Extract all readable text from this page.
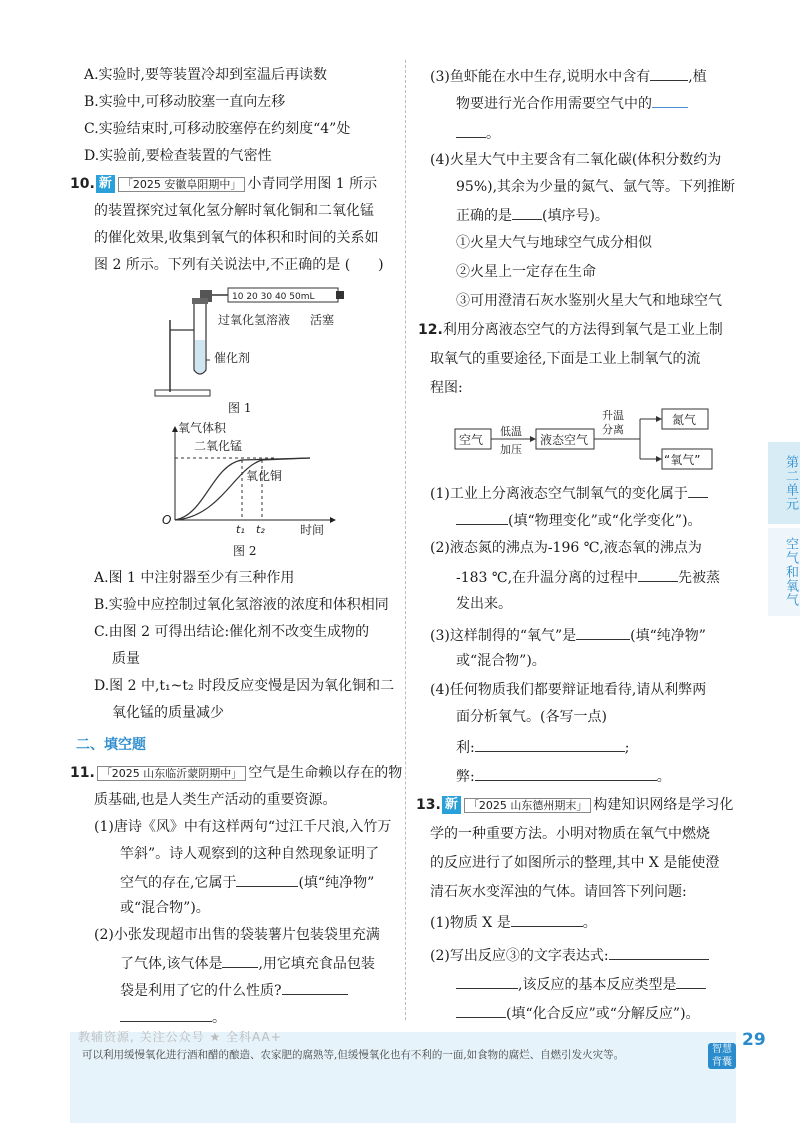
A.实验时,要等装置冷却到室温后再读数
B.实验中,可移动胶塞一直向左移
C.实验结束时,可移动胶塞停在约刻度“4”处
D.实验前,要检查装置的气密性
10. 新 「2025 安徽阜阳期中」 小青同学用图 1 所示
的装置探究过氧化氢分解时氧化铜和二氧化锰
的催化效果,收集到氧气的体积和时间的关系如
图 2 所示。下列有关说法中,不正确的是 (　　)
10 20 30 40 50mL
过氧化氢溶液 活塞
催化剂
图 1
氧气体积
二氧化锰
氧化铜
O
t₁ t₂	时间
图 2
A.图 1 中注射器至少有三种作用
B.实验中应控制过氧化氢溶液的浓度和体积相同
C.由图 2 可得出结论:催化剂不改变生成物的
质量
D.图 2 中,t₁~t₂ 时段反应变慢是因为氧化铜和二
氧化锰的质量减少
二、填空题
11. 「2025 山东临沂蒙阴期中」 空气是生命赖以存在的物
质基础,也是人类生产活动的重要资源。
(1)唐诗《风》中有这样两句“过江千尺浪,入竹万
竿斜”。诗人观察到的这种自然现象证明了
空气的存在,它属于	(填“纯净物”
或“混合物”)。
(2)小张发现超市出售的袋装薯片包装袋里充满
了气体,该气体是	,用它填充食品包装
袋是利用了它的什么性质?
。
(3)鱼虾能在水中生存,说明水中含有	,植
物要进行光合作用需要空气中的
。
(4)火星大气中主要含有二氧化碳(体积分数约为
95%),其余为少量的氮气、氩气等。下列推断
正确的是 (填序号)。
①火星大气与地球空气成分相似
②火星上一定存在生命
③可用澄清石灰水鉴别火星大气和地球空气
12.利用分离液态空气的方法得到氧气是工业上制
取氧气的重要途径,下面是工业上制氧气的流
程图:
空气
低温
加压
液态空气
升温
分离
氮气
“氧气”
(1)工业上分离液态空气制氧气的变化属于
(填“物理变化”或“化学变化”)。
(2)液态氮的沸点为-196 ℃,液态氧的沸点为
-183 ℃,在升温分离的过程中	先被蒸
发出来。
(3)这样制得的“氧气”是	(填“纯净物”
或“混合物”)。
(4)任何物质我们都要辩证地看待,请从利弊两
面分析氧气。(各写一点)
利:	;
弊:	。
13. 新 「2025 山东德州期末」 构建知识网络是学习化
学的一种重要方法。小明对物质在氧气中燃烧
的反应进行了如图所示的整理,其中 X 是能使澄
清石灰水变浑浊的气体。请回答下列问题:
(1)物质 X 是	。
(2)写出反应③的文字表达式:
,该反应的基本反应类型是
(填“化合反应”或“分解反应”)。
第二单元
空气和氧气
教辅资源, 关注公众号 ★ 全科AA+
可以利用缓慢氧化进行酒和醋的酿造、农家肥的腐熟等,但缓慢氧化也有不利的一面,如食物的腐烂、自燃引发火灾等。	智慧背囊
29
